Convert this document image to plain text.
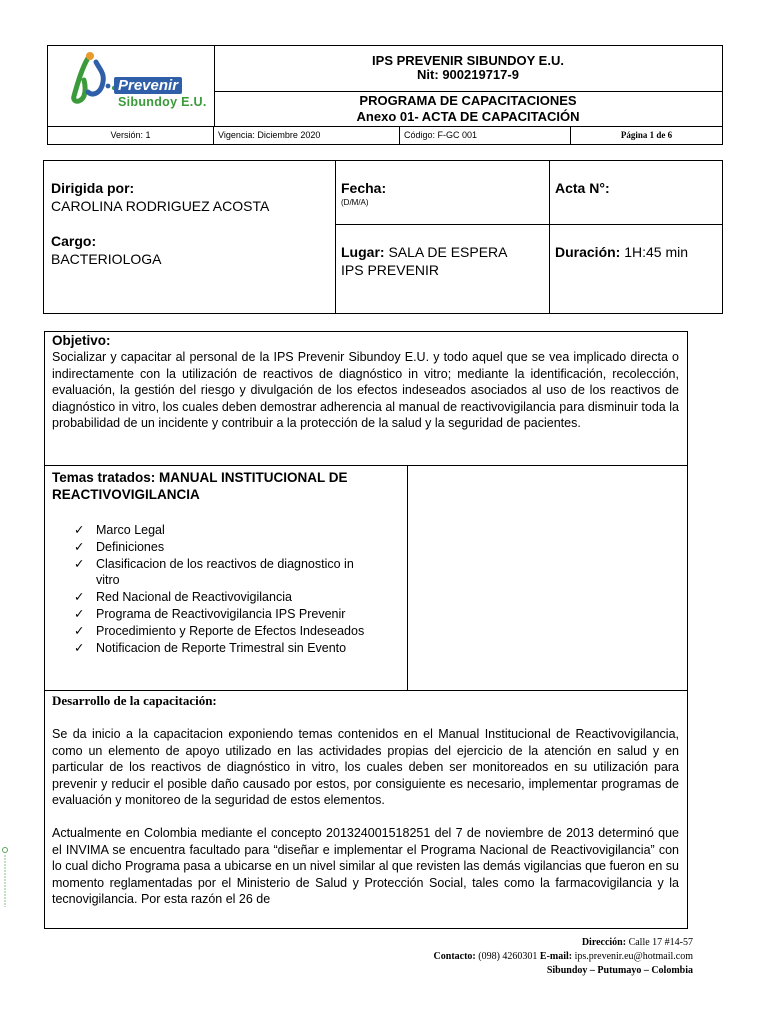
Prevenir
Sibundoy E.U.
IPS PREVENIR SIBUNDOY E.U.
Nit: 900219717-9
PROGRAMA DE CAPACITACIONES
Anexo 01- ACTA DE CAPACITACIÓN
Versión: 1	Vigencia: Diciembre 2020	Código: F-GC 001	Página 1 de 6
Dirigida por:
CAROLINA RODRIGUEZ ACOSTA
Cargo:
BACTERIOLOGA
Fecha:
(D/M/A)
Acta N°:
Lugar: SALA DE ESPERA
IPS PREVENIR
Duración: 1H:45 min
Objetivo:

Socializar y capacitar al personal de la IPS Prevenir Sibundoy E.U. y todo aquel que se vea implicado directa o indirectamente con la utilización de reactivos de diagnóstico in vitro; mediante la identificación, recolección, evaluación, la gestión del riesgo y divulgación de los efectos indeseados asociados al uso de los reactivos de diagnóstico in vitro, los cuales deben demostrar adherencia al manual de reactivovigilancia para disminuir toda la probabilidad de un incidente y contribuir a la protección de la salud y la seguridad de pacientes.

Temas tratados: MANUAL INSTITUCIONAL DE
REACTIVOVIGILANCIA
✓ Marco Legal
✓ Definiciones
✓ Clasificacion de los reactivos de diagnostico in
vitro
✓ Red Nacional de Reactivovigilancia
✓ Programa de Reactivovigilancia IPS Prevenir
✓ Procedimiento y Reporte de Efectos Indeseados
✓ Notificacion de Reporte Trimestral sin Evento
Desarrollo de la capacitación:

Se da inicio a la capacitacion exponiendo temas contenidos en el Manual Institucional de Reactivovigilancia, como un elemento de apoyo utilizado en las actividades propias del ejercicio de la atención en salud y en particular de los reactivos de diagnóstico in vitro, los cuales deben ser monitoreados en su utilización para prevenir y reducir el posible daño causado por estos, por consiguiente es necesario, implementar programas de evaluación y monitoreo de la seguridad de estos elementos.

Actualmente en Colombia mediante el concepto 201324001518251 del 7 de noviembre de 2013 determinó que el INVIMA se encuentra facultado para “diseñar e implementar el Programa Nacional de Reactivovigilancia” con lo cual dicho Programa pasa a ubicarse en un nivel similar al que revisten las demás vigilancias que fueron en su momento reglamentadas por el Ministerio de Salud y Protección Social, tales como la farmacovigilancia y la tecnovigilancia. Por esta razón el 26 de

Dirección: Calle 17 #14-57
Contacto: (098) 4260301 E-mail: ips.prevenir.eu@hotmail.com
Sibundoy – Putumayo – Colombia
